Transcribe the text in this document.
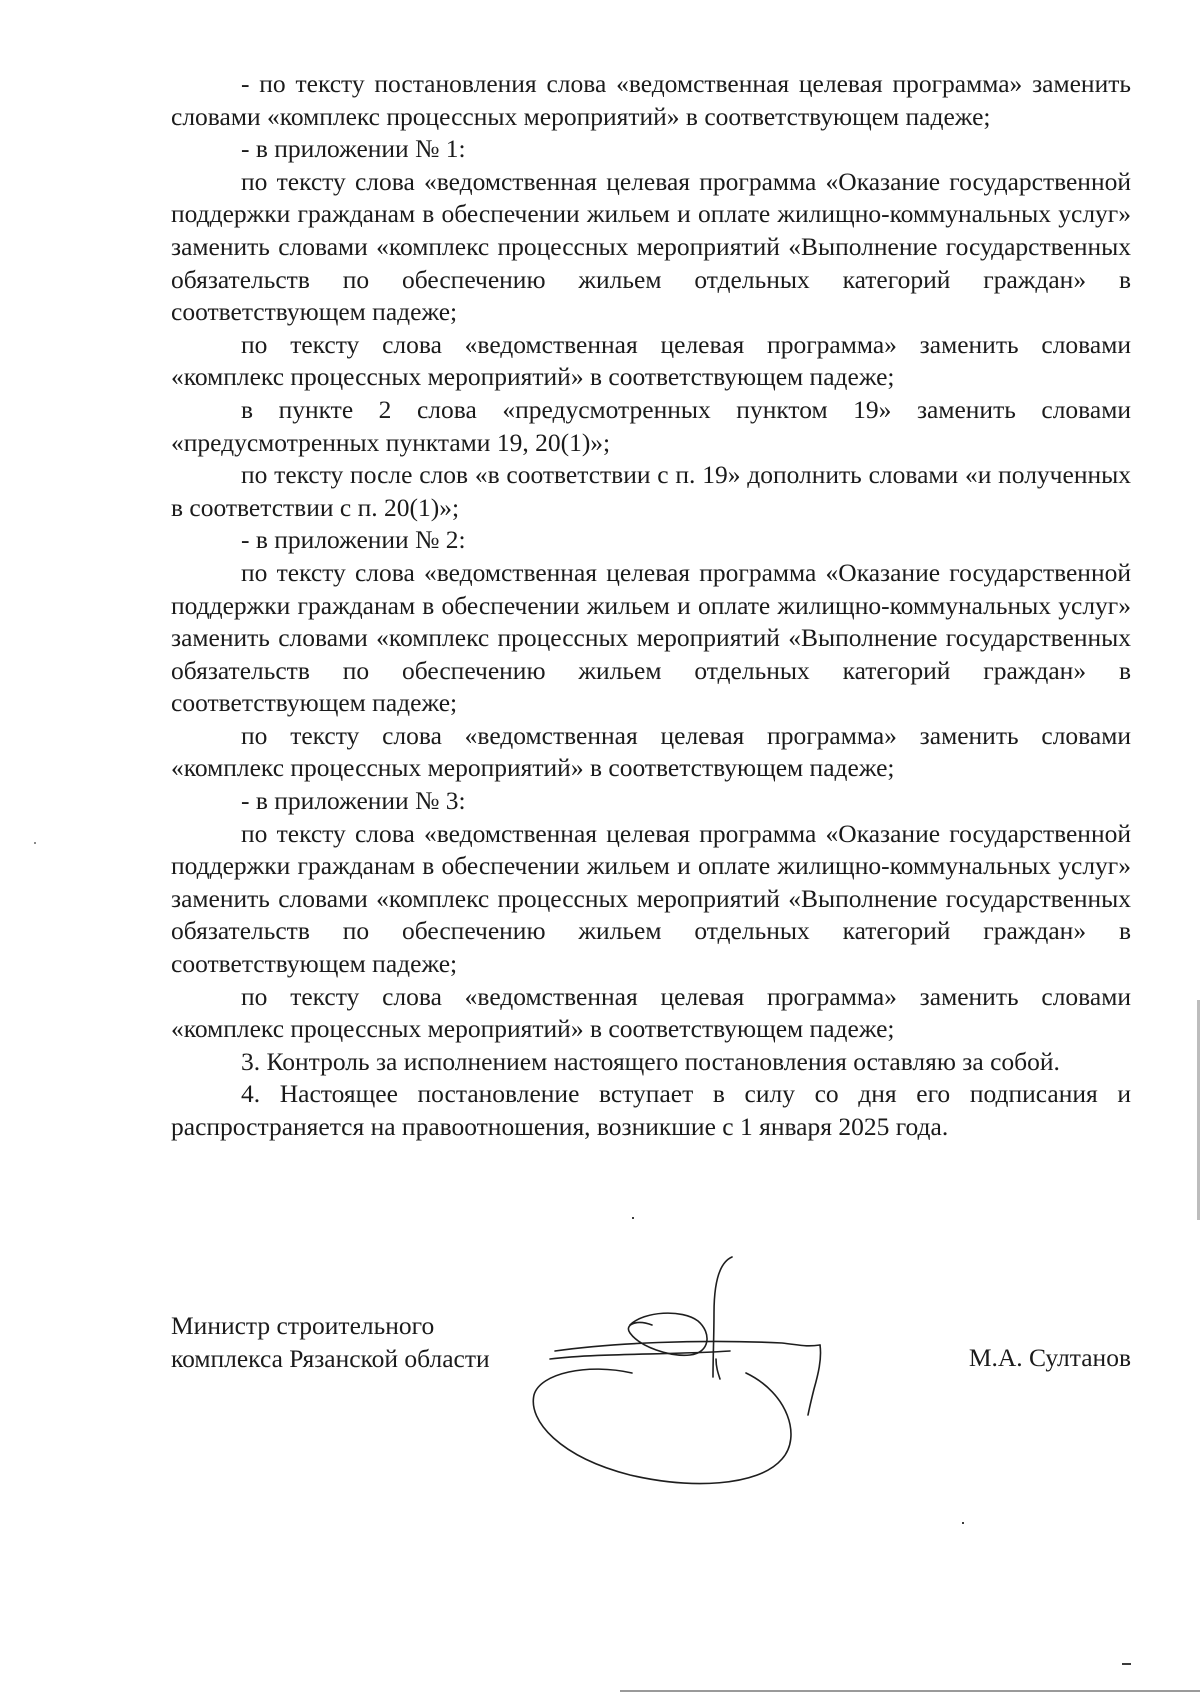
- по тексту постановления слова «ведомственная целевая программа» заменить словами «комплекс процессных мероприятий» в соответствующем падеже;

- в приложении № 1:

по тексту слова «ведомственная целевая программа «Оказание государственной поддержки гражданам в обеспечении жильем и оплате жилищно-коммунальных услуг» заменить словами «комплекс процессных мероприятий «Выполнение государственных обязательств по обеспечению жильем отдельных категорий граждан» в соответствующем падеже;

по тексту слова «ведомственная целевая программа» заменить словами «комплекс процессных мероприятий» в соответствующем падеже;

в пункте 2 слова «предусмотренных пунктом 19» заменить словами «предусмотренных пунктами 19, 20(1)»;

по тексту после слов «в соответствии с п. 19» дополнить словами «и полученных в соответствии с п. 20(1)»;

- в приложении № 2:

по тексту слова «ведомственная целевая программа «Оказание государственной поддержки гражданам в обеспечении жильем и оплате жилищно-коммунальных услуг» заменить словами «комплекс процессных мероприятий «Выполнение государственных обязательств по обеспечению жильем отдельных категорий граждан» в соответствующем падеже;

по тексту слова «ведомственная целевая программа» заменить словами «комплекс процессных мероприятий» в соответствующем падеже;

- в приложении № 3:

по тексту слова «ведомственная целевая программа «Оказание государственной поддержки гражданам в обеспечении жильем и оплате жилищно-коммунальных услуг» заменить словами «комплекс процессных мероприятий «Выполнение государственных обязательств по обеспечению жильем отдельных категорий граждан» в соответствующем падеже;

по тексту слова «ведомственная целевая программа» заменить словами «комплекс процессных мероприятий» в соответствующем падеже;

3. Контроль за исполнением настоящего постановления оставляю за собой.

4. Настоящее постановление вступает в силу со дня его подписания и распространяется на правоотношения, возникшие с 1 января 2025 года.

Министр строительного
комплекса Рязанской области	М.А. Султанов
